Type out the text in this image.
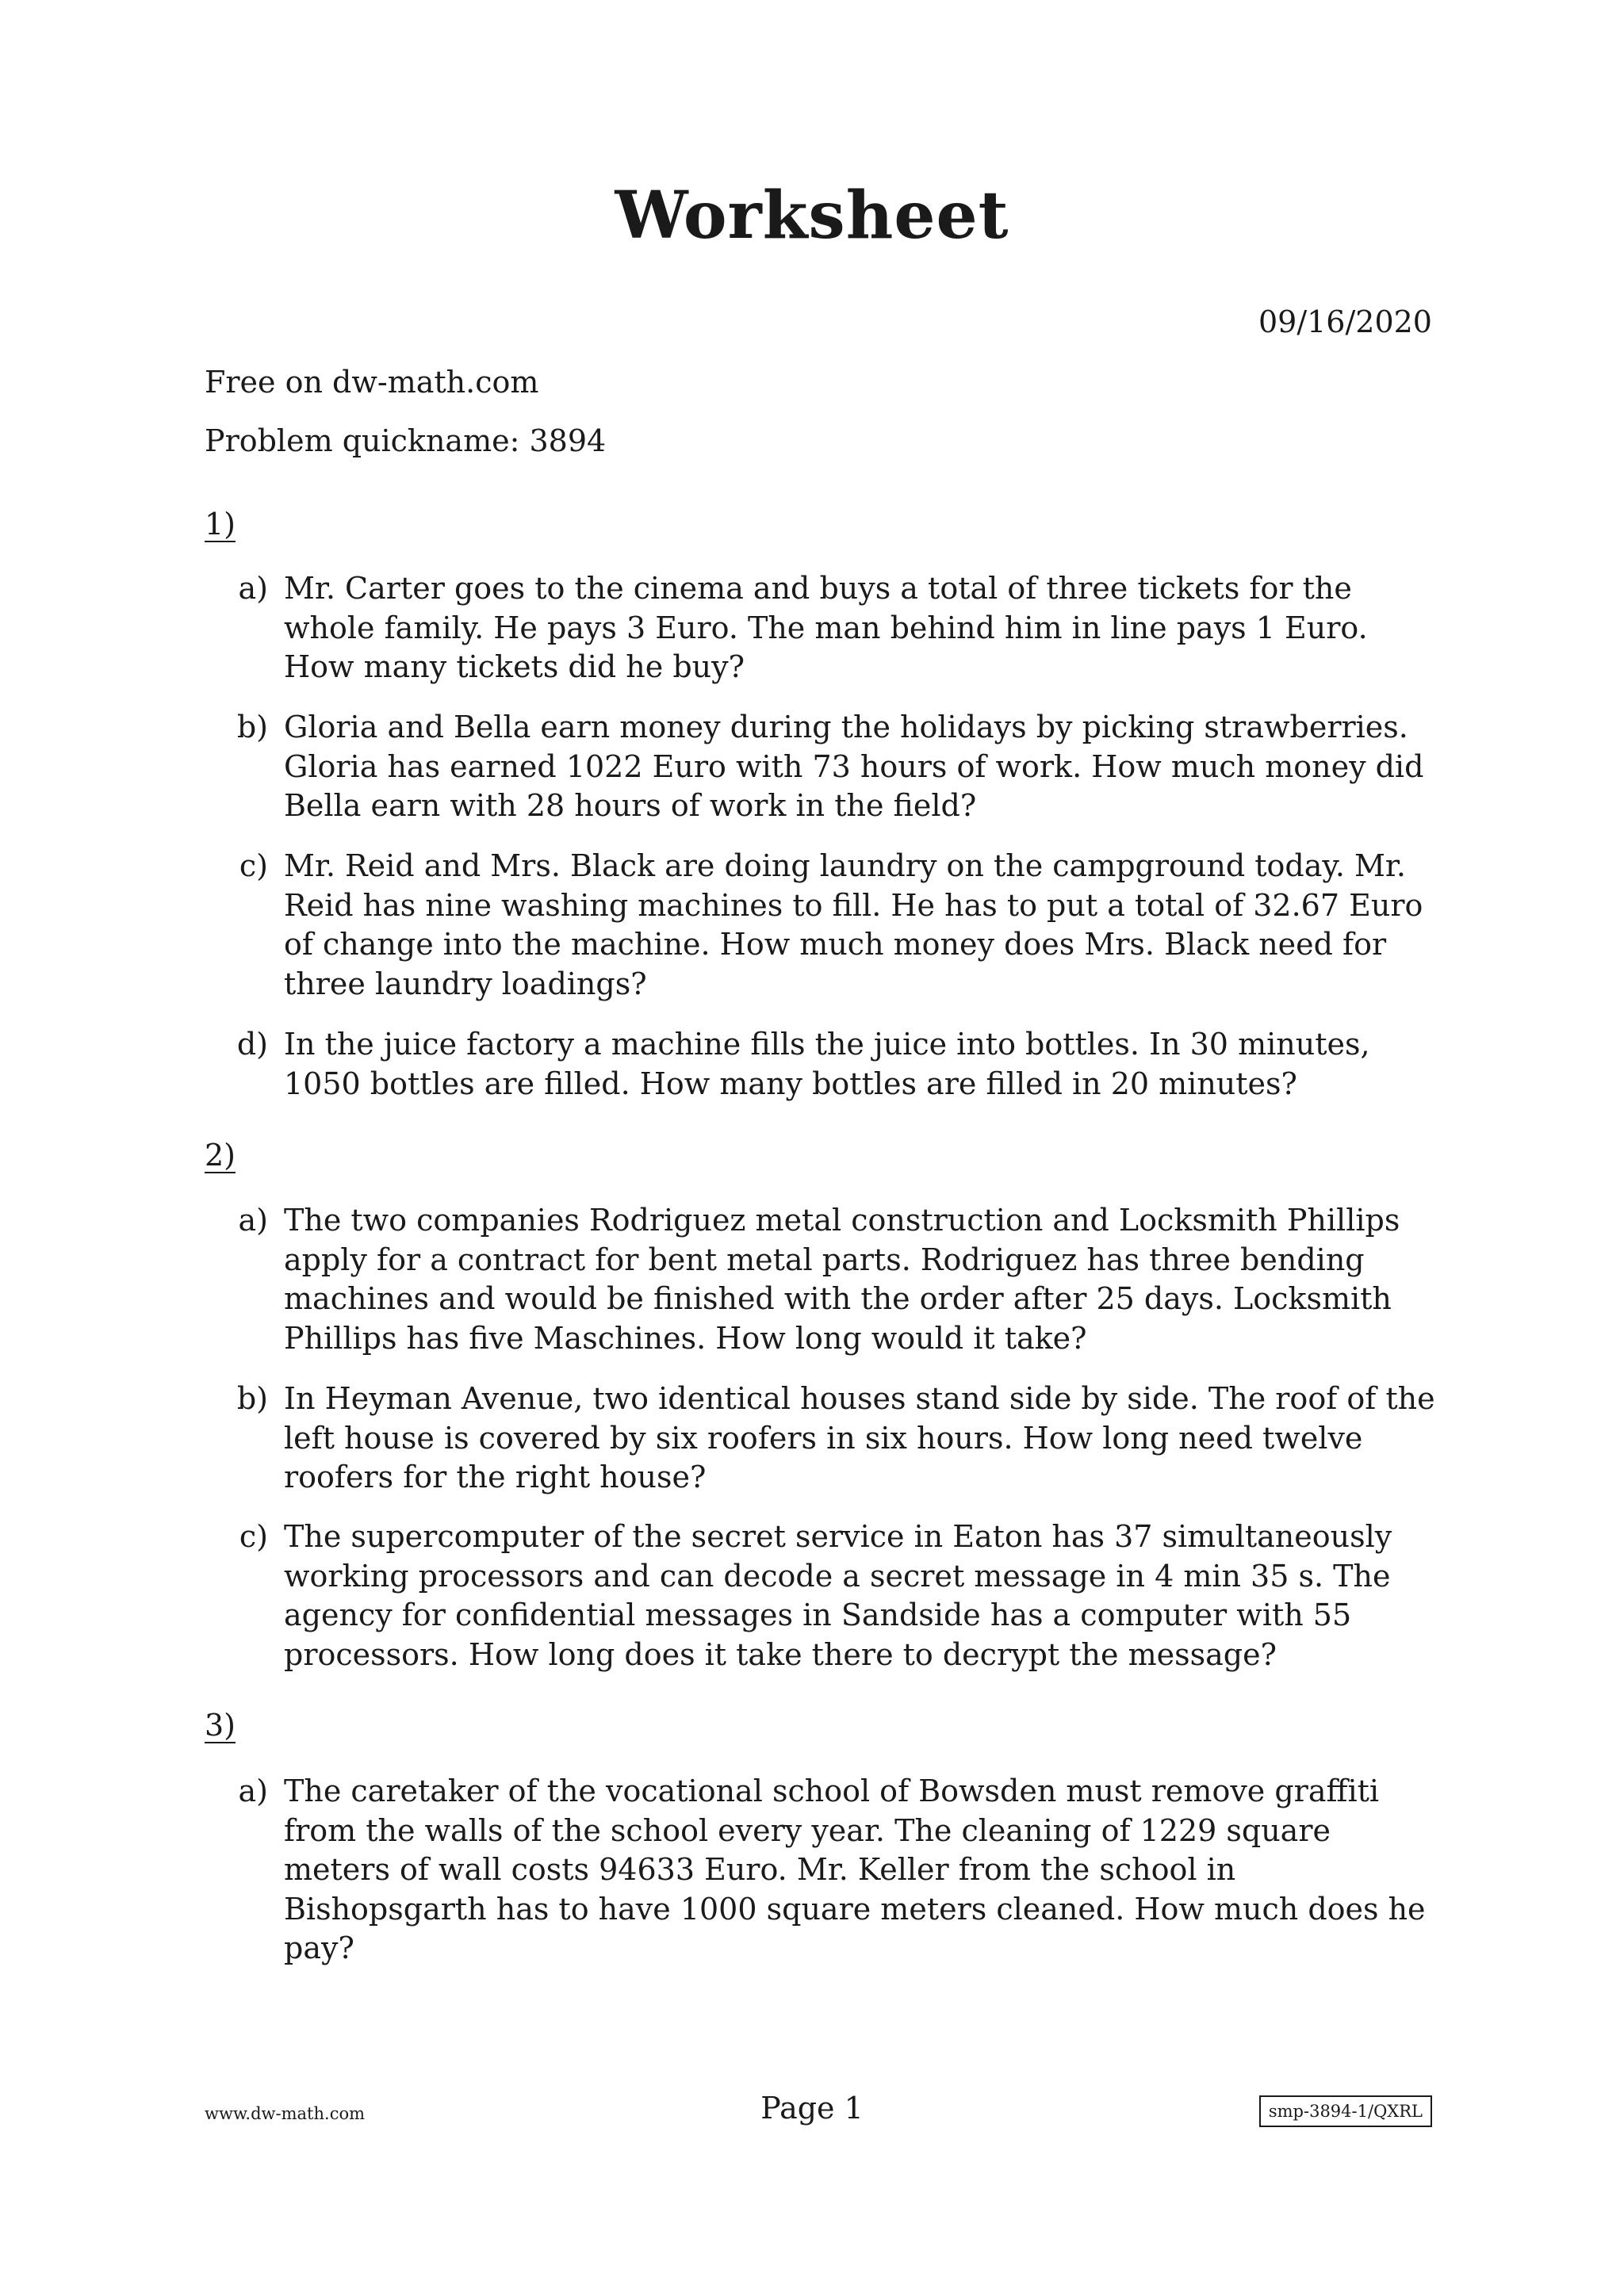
Worksheet
09/16/2020
Free on dw-math.com
Problem quickname: 3894
1)
a) Mr. Carter goes to the cinema and buys a total of three tickets for the whole family. He pays 3 Euro. The man behind him in line pays 1 Euro. How many tickets did he buy?
b) Gloria and Bella earn money during the holidays by picking strawberries. Gloria has earned 1022 Euro with 73 hours of work. How much money did Bella earn with 28 hours of work in the field?
c) Mr. Reid and Mrs. Black are doing laundry on the campground today. Mr. Reid has nine washing machines to fill. He has to put a total of 32.67 Euro of change into the machine. How much money does Mrs. Black need for three laundry loadings?
d) In the juice factory a machine fills the juice into bottles. In 30 minutes, 1050 bottles are filled. How many bottles are filled in 20 minutes?
2)
a) The two companies Rodriguez metal construction and Locksmith Phillips apply for a contract for bent metal parts. Rodriguez has three bending machines and would be finished with the order after 25 days. Locksmith Phillips has five Maschines. How long would it take?
b) In Heyman Avenue, two identical houses stand side by side. The roof of the left house is covered by six roofers in six hours. How long need twelve roofers for the right house?
c) The supercomputer of the secret service in Eaton has 37 simultaneously working processors and can decode a secret message in 4 min 35 s. The agency for confidential messages in Sandside has a computer with 55 processors. How long does it take there to decrypt the message?
3)
a) The caretaker of the vocational school of Bowsden must remove graffiti from the walls of the school every year. The cleaning of 1229 square meters of wall costs 94633 Euro. Mr. Keller from the school in Bishopsgarth has to have 1000 square meters cleaned. How much does he pay?
www.dw-math.com	Page 1	smp-3894-1/QXRL
